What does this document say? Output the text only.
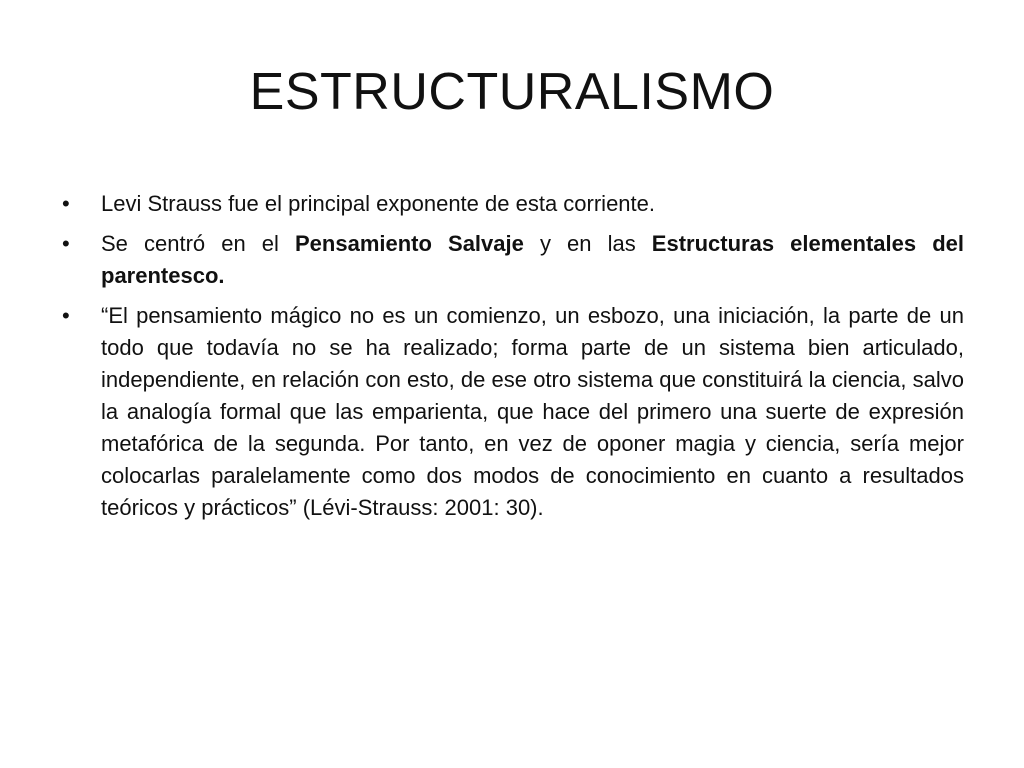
ESTRUCTURALISMO
•	Levi Strauss fue el principal exponente de esta corriente.
•	Se centró en el Pensamiento Salvaje y en las Estructuras elementales del parentesco.
•	“El pensamiento mágico no es un comienzo, un esbozo, una iniciación, la parte de un todo que todavía no se ha realizado; forma parte de un sistema bien articulado, independiente, en relación con esto, de ese otro sistema que constituirá la ciencia, salvo la analogía formal que las emparienta, que hace del primero una suerte de expresión metafórica de la segunda. Por tanto, en vez de oponer magia y ciencia, sería mejor colocarlas paralelamente como dos modos de conocimiento en cuanto a resultados teóricos y prácticos” (Lévi-Strauss: 2001: 30).
